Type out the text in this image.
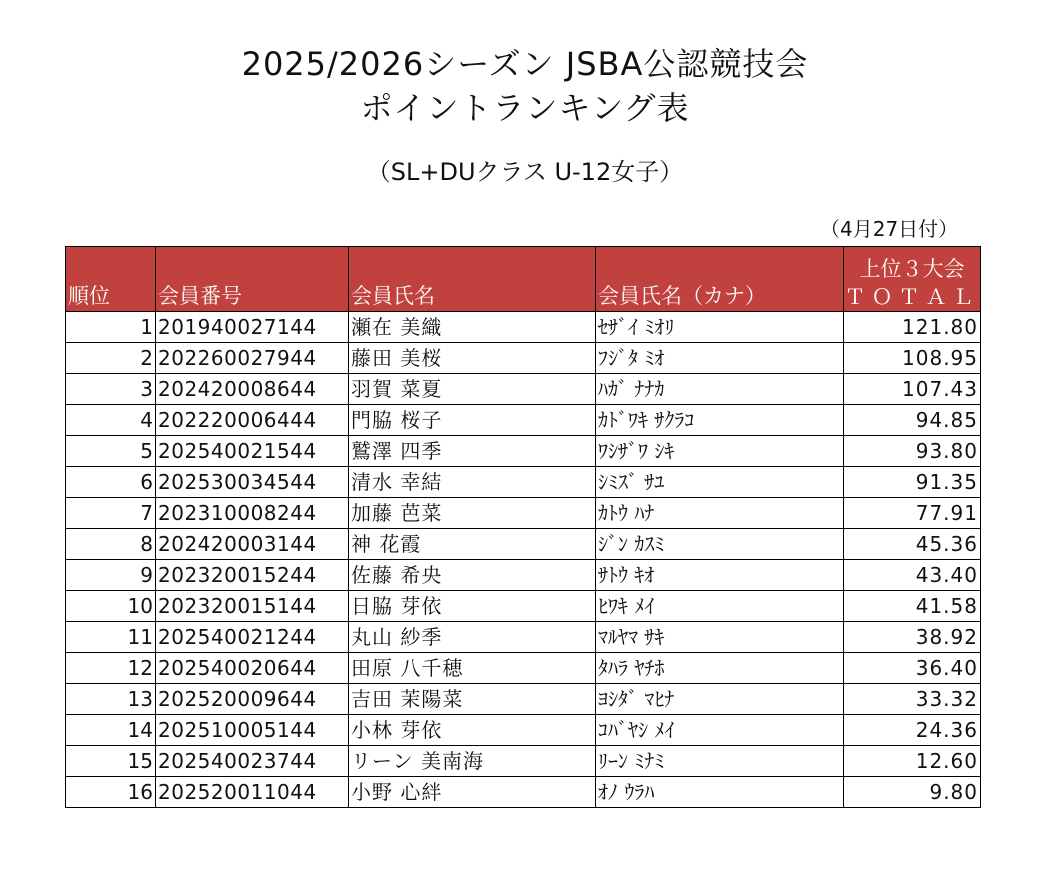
2025/2026シーズン JSBA公認競技会
ポイントランキング表
（SL+DUクラス U-12女子）
（4月27日付）
順位	会員番号	会員氏名	会員氏名（カナ）	上位３大会
ＴＯＴＡＬ

1	201940027144	瀬在 美織	ｾｻﾞｲ ﾐｵﾘ	121.80
2	202260027944	藤田 美桜	ﾌｼﾞﾀ ﾐｵ	108.95
3	202420008644	羽賀 菜夏	ﾊｶﾞ ﾅﾅｶ	107.43
4	202220006444	門脇 桜子	ｶﾄﾞﾜｷ ｻｸﾗｺ	94.85
5	202540021544	鷲澤 四季	ﾜｼｻﾞﾜ ｼｷ	93.80
6	202530034544	清水 幸結	ｼﾐｽﾞ ｻﾕ	91.35
7	202310008244	加藤 芭菜	ｶﾄｳ ﾊﾅ	77.91
8	202420003144	神 花霞	ｼﾞﾝ ｶｽﾐ	45.36
9	202320015244	佐藤 希央	ｻﾄｳ ｷｵ	43.40
10	202320015144	日脇 芽依	ﾋﾜｷ ﾒｲ	41.58
11	202540021244	丸山 紗季	ﾏﾙﾔﾏ ｻｷ	38.92
12	202540020644	田原 八千穂	ﾀﾊﾗ ﾔﾁﾎ	36.40
13	202520009644	吉田 茉陽菜	ﾖｼﾀﾞ ﾏﾋﾅ	33.32
14	202510005144	小林 芽依	ｺﾊﾞﾔｼ ﾒｲ	24.36
15	202540023744	リーン 美南海	ﾘｰﾝ ﾐﾅﾐ	12.60
16	202520011044	小野 心絆	ｵﾉ ｳﾗﾊ	9.80
